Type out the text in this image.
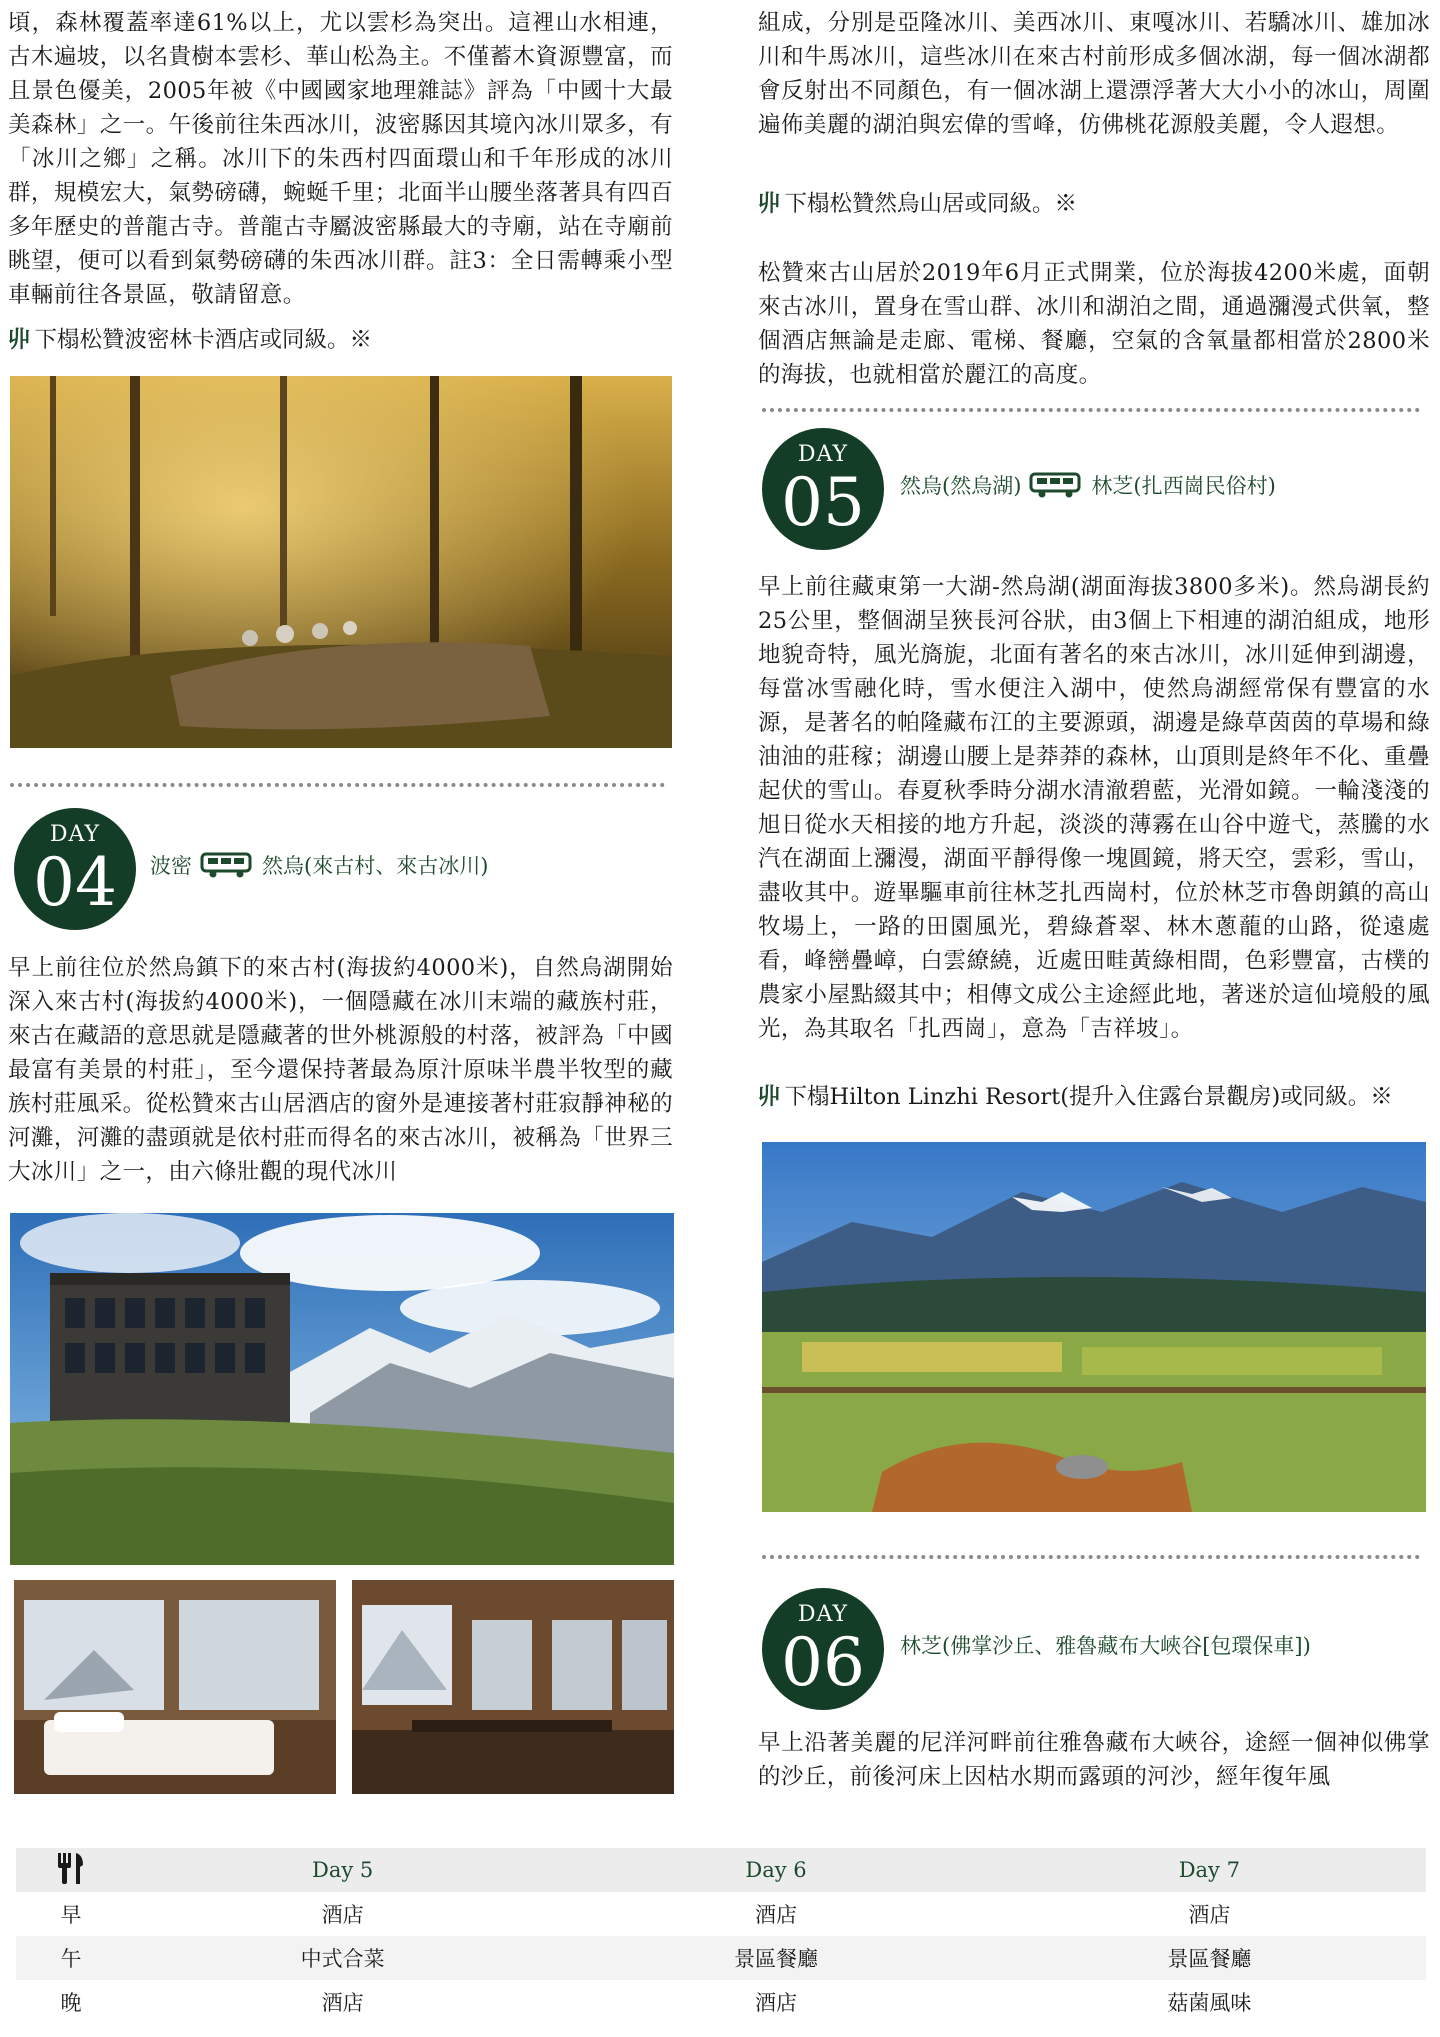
頃，森林覆蓋率達61%以上，尤以雲杉為突出。這裡山水相連，古木遍坡，以名貴樹本雲杉、華山松為主。不僅蓄木資源豐富，而且景色優美，2005年被《中國國家地理雜誌》評為「中國十大最美森林」之一。午後前往朱西冰川，波密縣因其境內冰川眾多，有「冰川之鄉」之稱。冰川下的朱西村四面環山和千年形成的冰川群，規模宏大，氣勢磅礴，蜿蜒千里；北面半山腰坐落著具有四百多年歷史的普龍古寺。普龍古寺屬波密縣最大的寺廟，站在寺廟前眺望，便可以看到氣勢磅礴的朱西冰川群。註3：全日需轉乘小型車輛前往各景區，敬請留意。

丱 下榻松贊波密林卡酒店或同級。※

DAY
04	波密	然烏(來古村、來古冰川)

早上前往位於然烏鎮下的來古村(海拔約4000米)，自然烏湖開始深入來古村(海拔約4000米)，一個隱藏在冰川末端的藏族村莊，來古在藏語的意思就是隱藏著的世外桃源般的村落，被評為「中國最富有美景的村莊」，至今還保持著最為原汁原味半農半牧型的藏族村莊風采。從松贊來古山居酒店的窗外是連接著村莊寂靜神秘的河灘，河灘的盡頭就是依村莊而得名的來古冰川，被稱為「世界三大冰川」之一，由六條壯觀的現代冰川

組成，分別是亞隆冰川、美西冰川、東嘎冰川、若驕冰川、雄加冰川和牛馬冰川，這些冰川在來古村前形成多個冰湖，每一個冰湖都會反射出不同顏色，有一個冰湖上還漂浮著大大小小的冰山，周圍遍佈美麗的湖泊與宏偉的雪峰，仿佛桃花源般美麗，令人遐想。

丱 下榻松贊然烏山居或同級。※

松贊來古山居於2019年6月正式開業，位於海拔4200米處，面朝來古冰川，置身在雪山群、冰川和湖泊之間，通過瀰漫式供氧，整個酒店無論是走廊、電梯、餐廳，空氣的含氧量都相當於2800米的海拔，也就相當於麗江的高度。

DAY
05	然烏(然烏湖)	林芝(扎西崗民俗村)

早上前往藏東第一大湖-然烏湖(湖面海拔3800多米)。然烏湖長約25公里，整個湖呈狹長河谷狀，由3個上下相連的湖泊組成，地形地貌奇特，風光旖旎，北面有著名的來古冰川，冰川延伸到湖邊，每當冰雪融化時，雪水便注入湖中，使然烏湖經常保有豐富的水源，是著名的帕隆藏布江的主要源頭，湖邊是綠草茵茵的草場和綠油油的莊稼；湖邊山腰上是莽莽的森林，山頂則是終年不化、重疊起伏的雪山。春夏秋季時分湖水清澈碧藍，光滑如鏡。一輪淺淺的旭日從水天相接的地方升起，淡淡的薄霧在山谷中遊弋，蒸騰的水汽在湖面上瀰漫，湖面平靜得像一塊圓鏡，將天空，雲彩，雪山，盡收其中。遊畢驅車前往林芝扎西崗村，位於林芝市魯朗鎮的高山牧場上，一路的田園風光，碧綠蒼翠、林木蔥蘢的山路，從遠處看，峰巒疊嶂，白雲繚繞，近處田畦黃綠相間，色彩豐富，古樸的農家小屋點綴其中；相傳文成公主途經此地，著迷於這仙境般的風光，為其取名「扎西崗」，意為「吉祥坡」。

丱 下榻Hilton Linzhi Resort(提升入住露台景觀房)或同級。※

DAY
06	林芝(佛掌沙丘、雅魯藏布大峽谷[包環保車])

早上沿著美麗的尼洋河畔前往雅魯藏布大峽谷，途經一個神似佛掌的沙丘，前後河床上因枯水期而露頭的河沙，經年復年風

	Day 5	Day 6	Day 7
早	酒店	酒店	酒店
午	中式合菜	景區餐廳	景區餐廳
晚	酒店	酒店	菇菌風味
